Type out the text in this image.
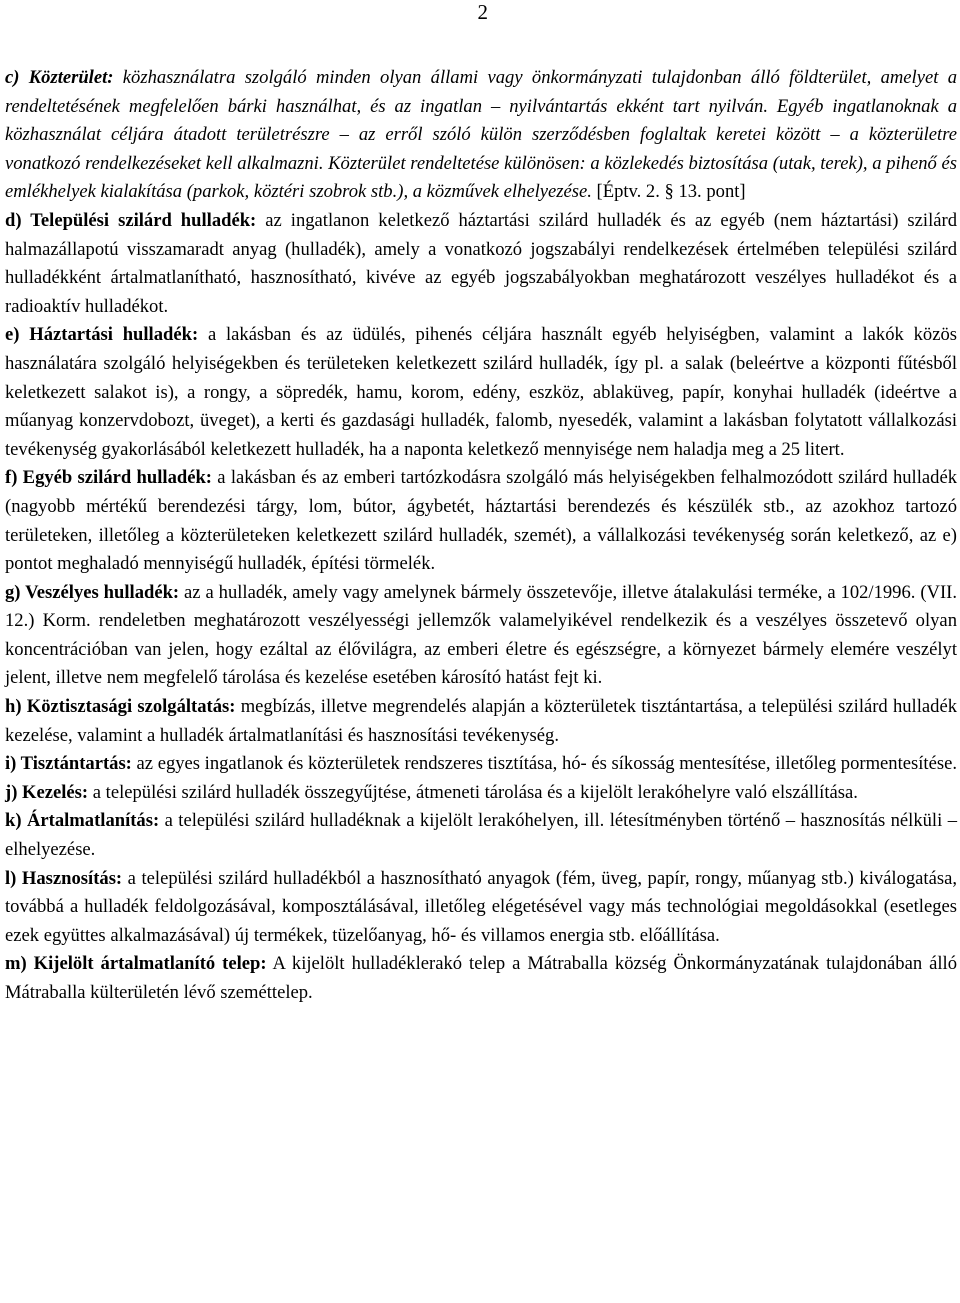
2

c) Közterület: közhasználatra szolgáló minden olyan állami vagy önkormányzati tulajdonban álló földterület, amelyet a rendeltetésének megfelelően bárki használhat, és az ingatlan – nyilvántartás ekként tart nyilván. Egyéb ingatlanoknak a közhasználat céljára átadott területrészre – az erről szóló külön szerződésben foglaltak keretei között – a közterületre vonatkozó rendelkezéseket kell alkalmazni. Közterület rendeltetése különösen: a közlekedés biztosítása (utak, terek), a pihenő és emlékhelyek kialakítása (parkok, köztéri szobrok stb.), a közművek elhelyezése. [Éptv. 2. § 13. pont]

d) Települési szilárd hulladék: az ingatlanon keletkező háztartási szilárd hulladék és az egyéb (nem háztartási) szilárd halmazállapotú visszamaradt anyag (hulladék), amely a vonatkozó jogszabályi rendelkezések értelmében települési szilárd hulladékként ártalmatlanítható, hasznosítható, kivéve az egyéb jogszabályokban meghatározott veszélyes hulladékot és a radioaktív hulladékot.

e) Háztartási hulladék: a lakásban és az üdülés, pihenés céljára használt egyéb helyiségben, valamint a lakók közös használatára szolgáló helyiségekben és területeken keletkezett szilárd hulladék, így pl. a salak (beleértve a központi fűtésből keletkezett salakot is), a rongy, a söpredék, hamu, korom, edény, eszköz, ablaküveg, papír, konyhai hulladék (ideértve a műanyag konzervdobozt, üveget), a kerti és gazdasági hulladék, falomb, nyesedék, valamint a lakásban folytatott vállalkozási tevékenység gyakorlásából keletkezett hulladék, ha a naponta keletkező mennyisége nem haladja meg a 25 litert.

f) Egyéb szilárd hulladék: a lakásban és az emberi tartózkodásra szolgáló más helyiségekben felhalmozódott szilárd hulladék (nagyobb mértékű berendezési tárgy, lom, bútor, ágybetét, háztartási berendezés és készülék stb., az azokhoz tartozó területeken, illetőleg a közterületeken keletkezett szilárd hulladék, szemét), a vállalkozási tevékenység során keletkező, az e) pontot meghaladó mennyiségű hulladék, építési törmelék.

g) Veszélyes hulladék: az a hulladék, amely vagy amelynek bármely összetevője, illetve átalakulási terméke, a 102/1996. (VII. 12.) Korm. rendeletben meghatározott veszélyességi jellemzők valamelyikével rendelkezik és a veszélyes összetevő olyan koncentrációban van jelen, hogy ezáltal az élővilágra, az emberi életre és egészségre, a környezet bármely elemére veszélyt jelent, illetve nem megfelelő tárolása és kezelése esetében károsító hatást fejt ki.

h) Köztisztasági szolgáltatás: megbízás, illetve megrendelés alapján a közterületek tisztántartása, a települési szilárd hulladék kezelése, valamint a hulladék ártalmatlanítási és hasznosítási tevékenység.

i) Tisztántartás: az egyes ingatlanok és közterületek rendszeres tisztítása, hó- és síkosság mentesítése, illetőleg pormentesítése.

j) Kezelés: a települési szilárd hulladék összegyűjtése, átmeneti tárolása és a kijelölt lerakóhelyre való elszállítása.

k) Ártalmatlanítás: a települési szilárd hulladéknak a kijelölt lerakóhelyen, ill. létesítményben történő – hasznosítás nélküli – elhelyezése.

l) Hasznosítás: a települési szilárd hulladékból a hasznosítható anyagok (fém, üveg, papír, rongy, műanyag stb.) kiválogatása, továbbá a hulladék feldolgozásával, komposztálásával, illetőleg elégetésével vagy más technológiai megoldásokkal (esetleges ezek együttes alkalmazásával) új termékek, tüzelőanyag, hő- és villamos energia stb. előállítása.

m) Kijelölt ártalmatlanító telep: A kijelölt hulladéklerakó telep a Mátraballa község Önkormányzatának tulajdonában álló Mátraballa külterületén lévő szeméttelep.
